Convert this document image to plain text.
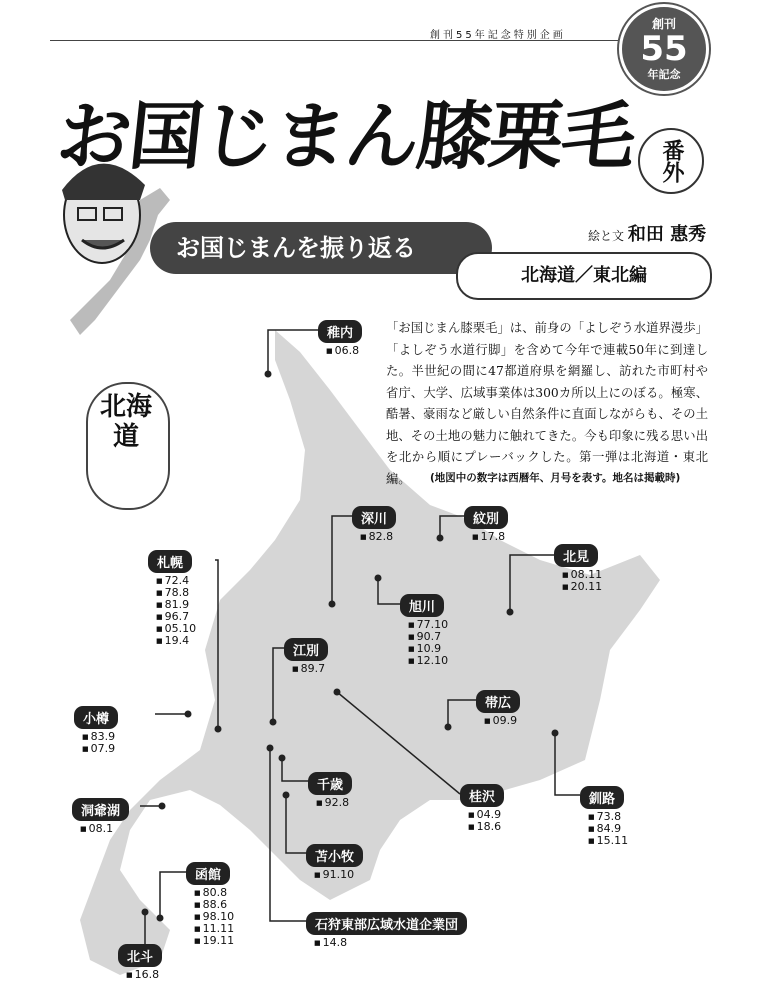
創刊55年記念特別企画
創刊
55
年記念
お国じまん膝栗毛 番外
絵と文 和田 惠秀
お国じまんを振り返る
北海道／東北編
「お国じまん膝栗毛」は、前身の「よしぞう水道界漫歩」「よしぞう水道行脚」を含めて今年で連載50年に到達した。半世紀の間に47都道府県を網羅し、訪れた市町村や省庁、大学、広域事業体は300カ所以上にのぼる。極寒、酷暑、豪雨など厳しい自然条件に直面しながらも、その土地、その土地の魅力に触れてきた。今も印象に残る思い出を北から順にプレーバックした。第一弾は北海道・東北編。	(地図中の数字は西暦年、月号を表す。地名は掲載時)
北海道
稚内
■ 06.8
深川
■ 82.8
紋別
■ 17.8
北見
■ 08.11
■ 20.11
札幌
■ 72.4
■ 78.8
■ 81.9
■ 96.7
■ 05.10
■ 19.4
旭川
■ 77.10
■ 90.7
■ 10.9
■ 12.10
江別
■ 89.7
帯広
■ 09.9
小樽
■ 83.9
■ 07.9
千歳
■ 92.8	桂沢
■ 04.9
■ 18.6
釧路
■ 73.8
■ 84.9
■ 15.11
洞爺湖
■ 08.1
苫小牧
■ 91.10
函館
■ 80.8
■ 88.6
■ 98.10
■ 11.11
■ 19.11
石狩東部広域水道企業団
■ 14.8
北斗
■ 16.8
